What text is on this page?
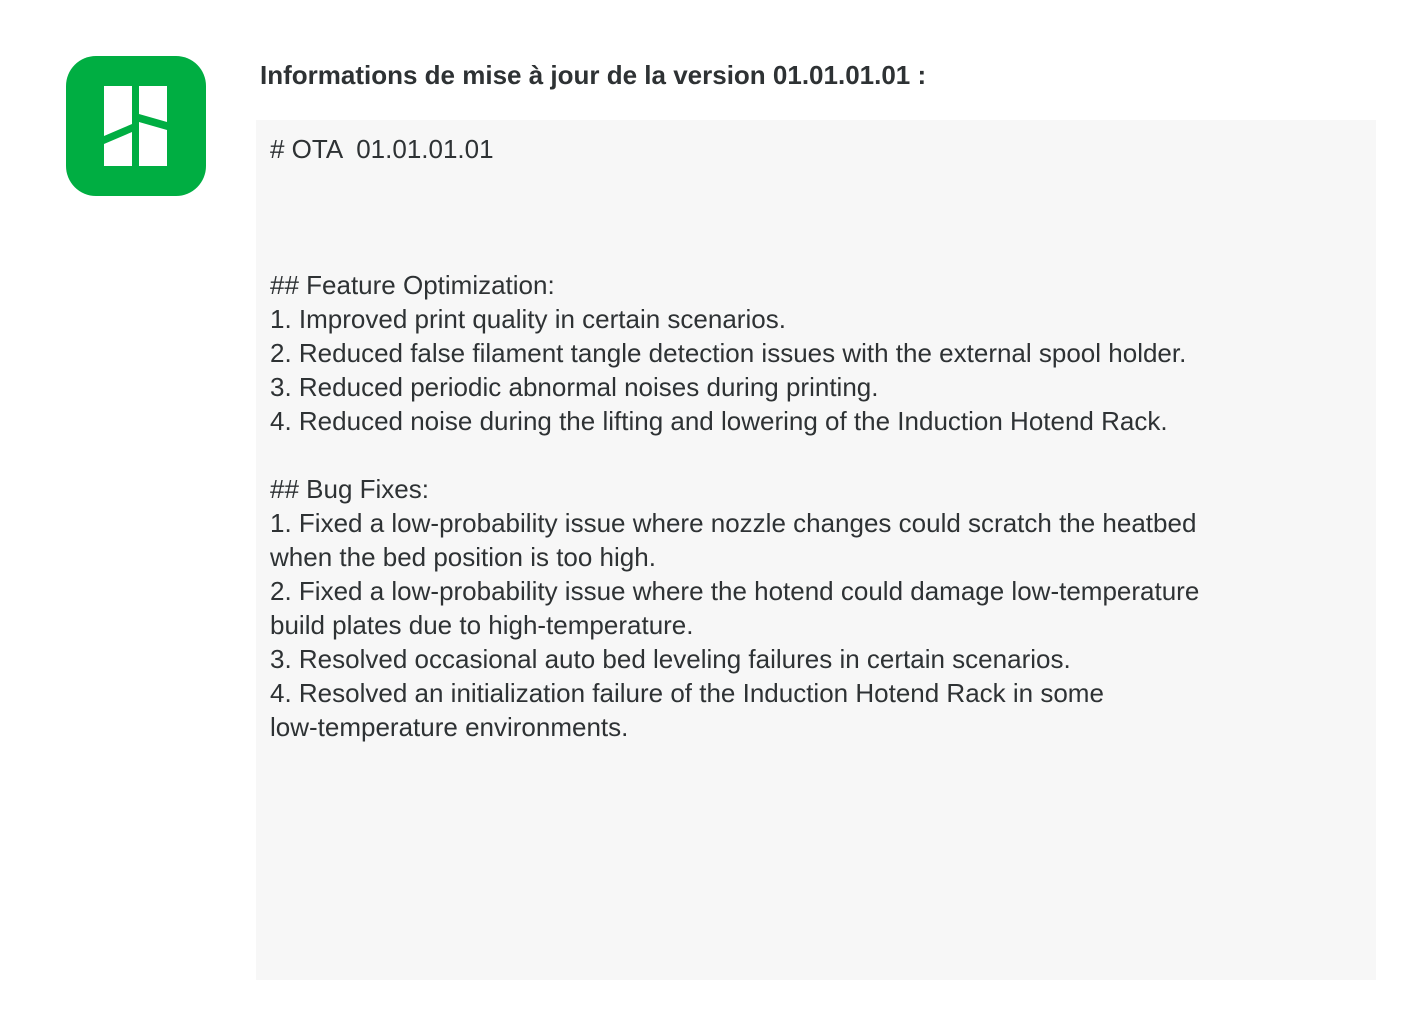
Informations de mise à jour de la version 01.01.01.01 :
# OTA  01.01.01.01
## Feature Optimization:
1. Improved print quality in certain scenarios.
2. Reduced false filament tangle detection issues with the external spool holder.
3. Reduced periodic abnormal noises during printing.
4. Reduced noise during the lifting and lowering of the Induction Hotend Rack.
## Bug Fixes:
1. Fixed a low-probability issue where nozzle changes could scratch the heatbed
when the bed position is too high.
2. Fixed a low-probability issue where the hotend could damage low-temperature
build plates due to high-temperature.
3. Resolved occasional auto bed leveling failures in certain scenarios.
4. Resolved an initialization failure of the Induction Hotend Rack in some
low-temperature environments.
